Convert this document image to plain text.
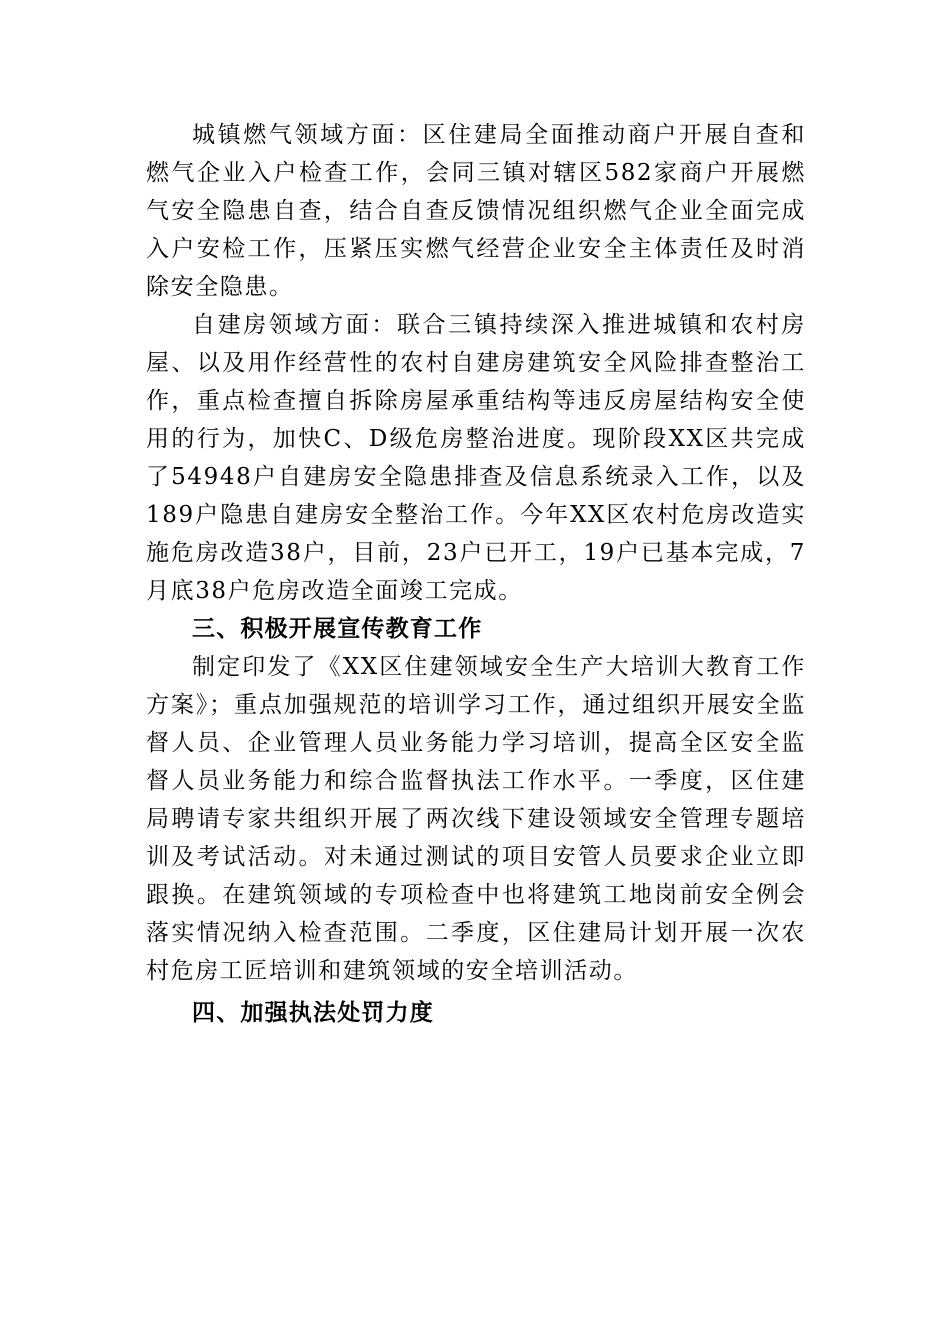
城镇燃气领域方面：区住建局全面推动商户开展自查和燃气企业入户检查工作，会同三镇对辖区582家商户开展燃气安全隐患自查，结合自查反馈情况组织燃气企业全面完成入户安检工作，压紧压实燃气经营企业安全主体责任及时消除安全隐患。

自建房领域方面：联合三镇持续深入推进城镇和农村房屋、以及用作经营性的农村自建房建筑安全风险排查整治工作，重点检查擅自拆除房屋承重结构等违反房屋结构安全使用的行为，加快C、D级危房整治进度。现阶段XX区共完成了54948户自建房安全隐患排查及信息系统录入工作，以及189户隐患自建房安全整治工作。今年XX区农村危房改造实施危房改造38户，目前，23户已开工，19户已基本完成，7月底38户危房改造全面竣工完成。

三、积极开展宣传教育工作

制定印发了《XX区住建领域安全生产大培训大教育工作方案》；重点加强规范的培训学习工作，通过组织开展安全监督人员、企业管理人员业务能力学习培训，提高全区安全监督人员业务能力和综合监督执法工作水平。一季度，区住建局聘请专家共组织开展了两次线下建设领域安全管理专题培训及考试活动。对未通过测试的项目安管人员要求企业立即跟换。在建筑领域的专项检查中也将建筑工地岗前安全例会落实情况纳入检查范围。二季度，区住建局计划开展一次农村危房工匠培训和建筑领域的安全培训活动。

四、加强执法处罚力度
